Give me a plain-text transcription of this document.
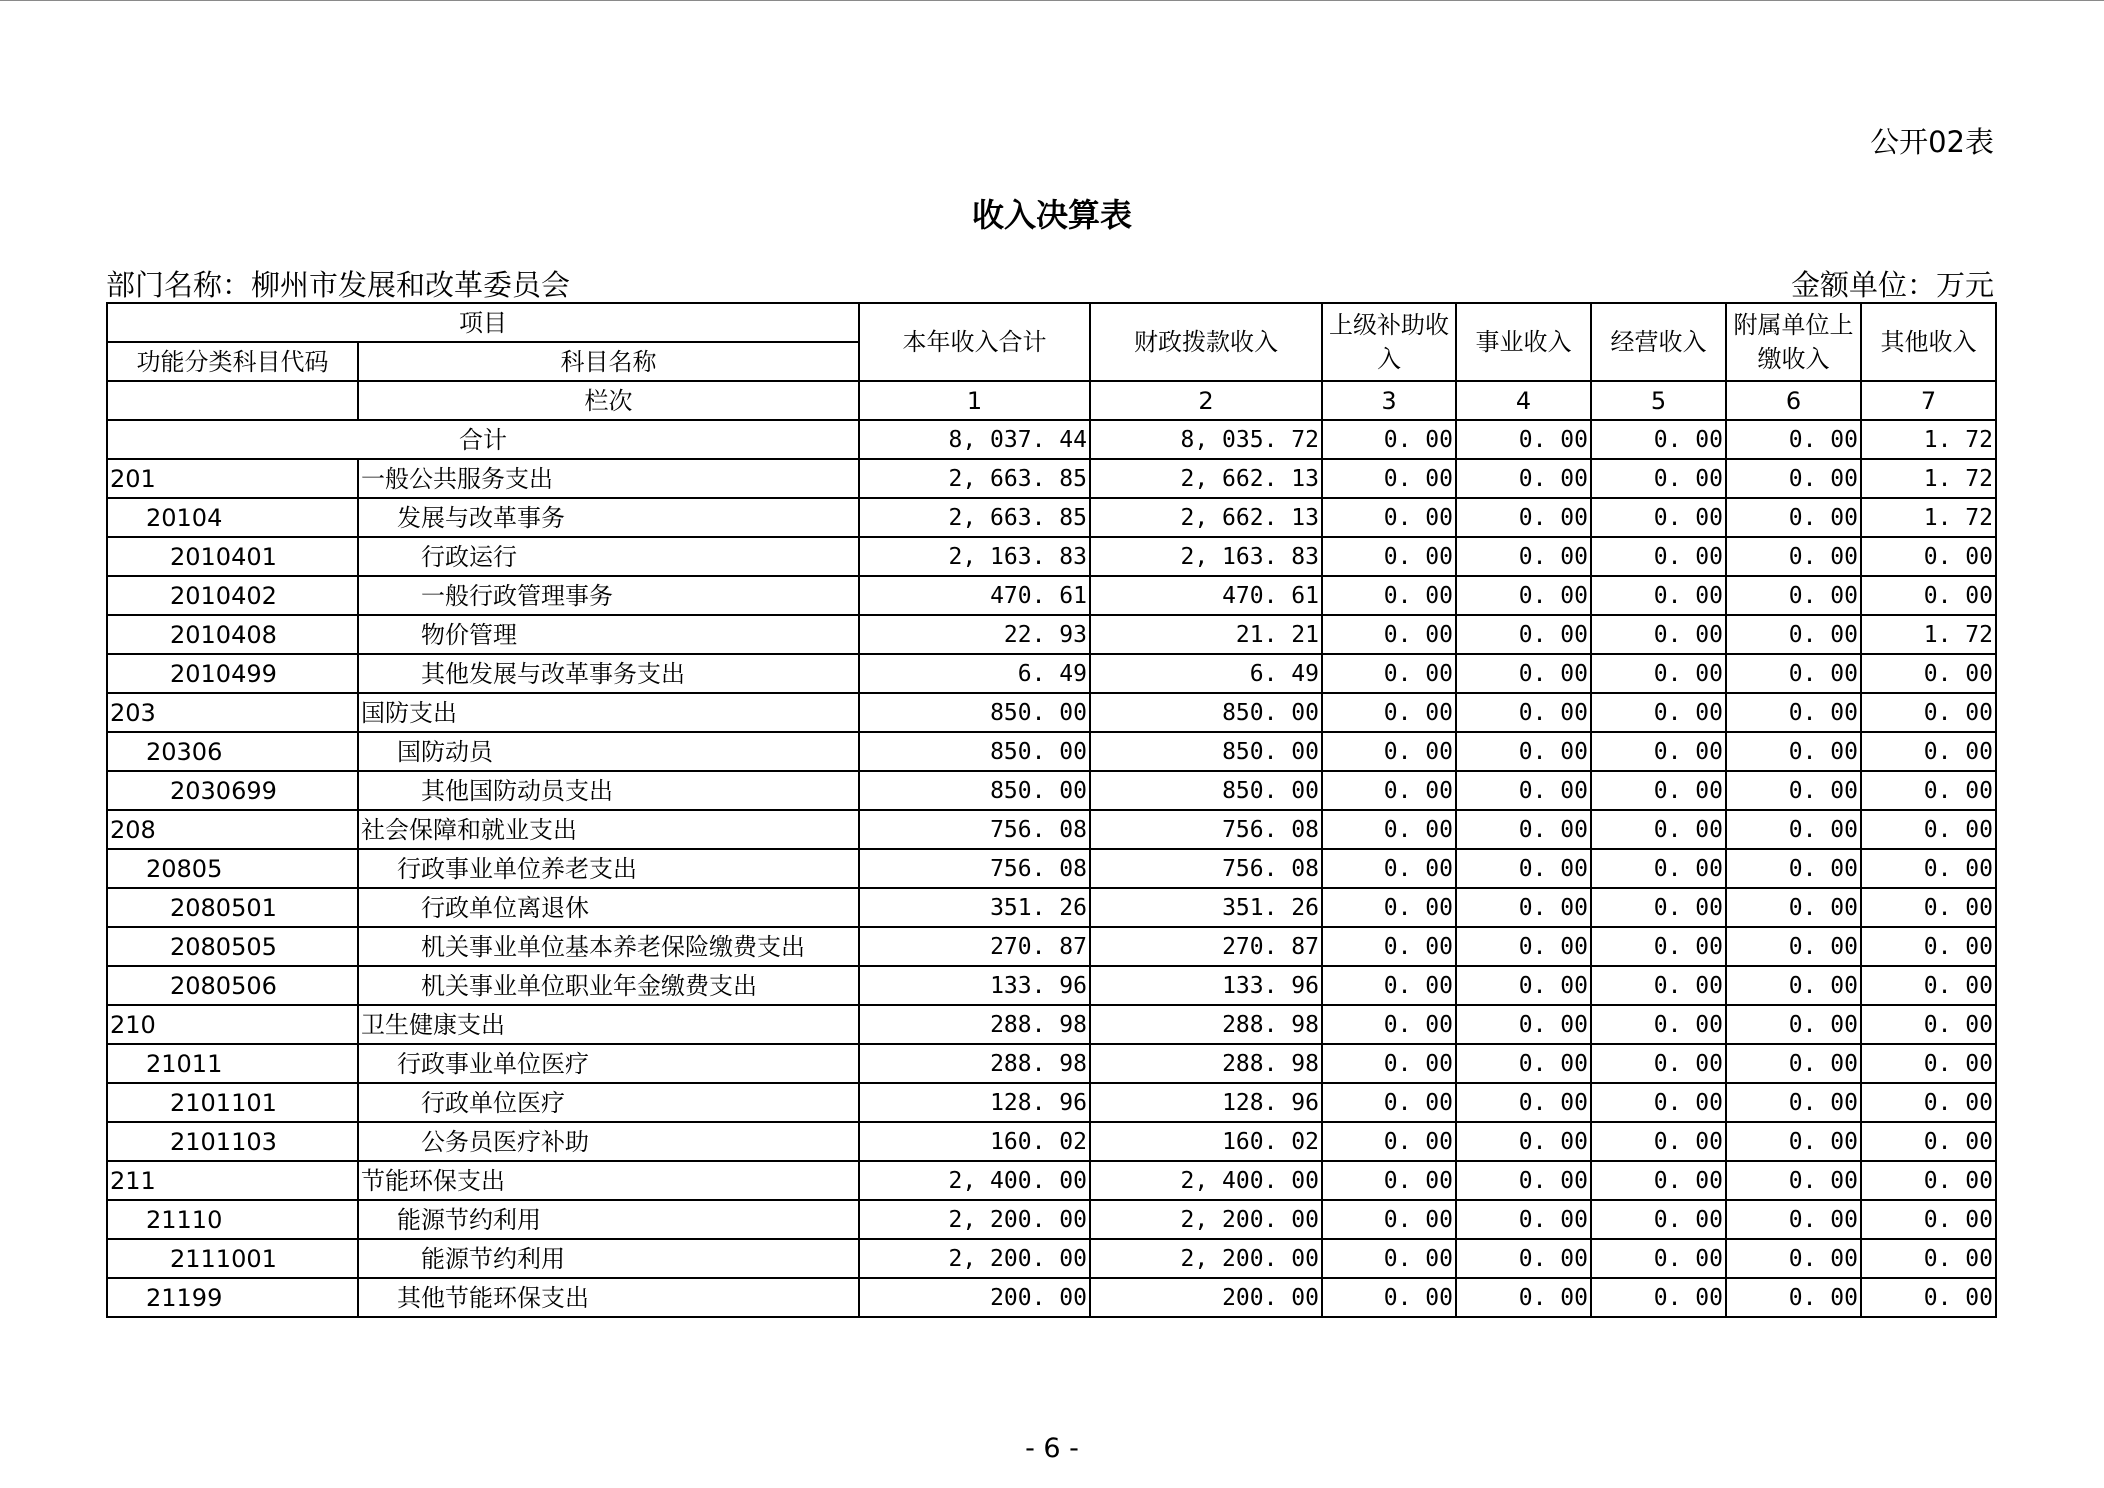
公开02表
收入决算表
部门名称：柳州市发展和改革委员会	金额单位：万元
项目		本年收入合计	财政拨款收入	上级补助收入	事业收入	经营收入	附属单位上缴收入	其他收入
功能分类科目代码	科目名称							
	栏次	1	2	3	4	5	6	7
合计		8, 037. 44	8, 035. 72	0. 00	0. 00	0. 00	0. 00	1. 72
201	一般公共服务支出	2, 663. 85	2, 662. 13	0. 00	0. 00	0. 00	0. 00	1. 72
20104	发展与改革事务	2, 663. 85	2, 662. 13	0. 00	0. 00	0. 00	0. 00	1. 72
2010401	行政运行	2, 163. 83	2, 163. 83	0. 00	0. 00	0. 00	0. 00	0. 00
2010402	一般行政管理事务	470. 61	470. 61	0. 00	0. 00	0. 00	0. 00	0. 00
2010408	物价管理	22. 93	21. 21	0. 00	0. 00	0. 00	0. 00	1. 72
2010499	其他发展与改革事务支出	6. 49	6. 49	0. 00	0. 00	0. 00	0. 00	0. 00
203	国防支出	850. 00	850. 00	0. 00	0. 00	0. 00	0. 00	0. 00
20306	国防动员	850. 00	850. 00	0. 00	0. 00	0. 00	0. 00	0. 00
2030699	其他国防动员支出	850. 00	850. 00	0. 00	0. 00	0. 00	0. 00	0. 00
208	社会保障和就业支出	756. 08	756. 08	0. 00	0. 00	0. 00	0. 00	0. 00
20805	行政事业单位养老支出	756. 08	756. 08	0. 00	0. 00	0. 00	0. 00	0. 00
2080501	行政单位离退休	351. 26	351. 26	0. 00	0. 00	0. 00	0. 00	0. 00
2080505	机关事业单位基本养老保险缴费支出	270. 87	270. 87	0. 00	0. 00	0. 00	0. 00	0. 00
2080506	机关事业单位职业年金缴费支出	133. 96	133. 96	0. 00	0. 00	0. 00	0. 00	0. 00
210	卫生健康支出	288. 98	288. 98	0. 00	0. 00	0. 00	0. 00	0. 00
21011	行政事业单位医疗	288. 98	288. 98	0. 00	0. 00	0. 00	0. 00	0. 00
2101101	行政单位医疗	128. 96	128. 96	0. 00	0. 00	0. 00	0. 00	0. 00
2101103	公务员医疗补助	160. 02	160. 02	0. 00	0. 00	0. 00	0. 00	0. 00
211	节能环保支出	2, 400. 00	2, 400. 00	0. 00	0. 00	0. 00	0. 00	0. 00
21110	能源节约利用	2, 200. 00	2, 200. 00	0. 00	0. 00	0. 00	0. 00	0. 00
2111001	能源节约利用	2, 200. 00	2, 200. 00	0. 00	0. 00	0. 00	0. 00	0. 00
21199	其他节能环保支出	200. 00	200. 00	0. 00	0. 00	0. 00	0. 00	0. 00
- 6 -
